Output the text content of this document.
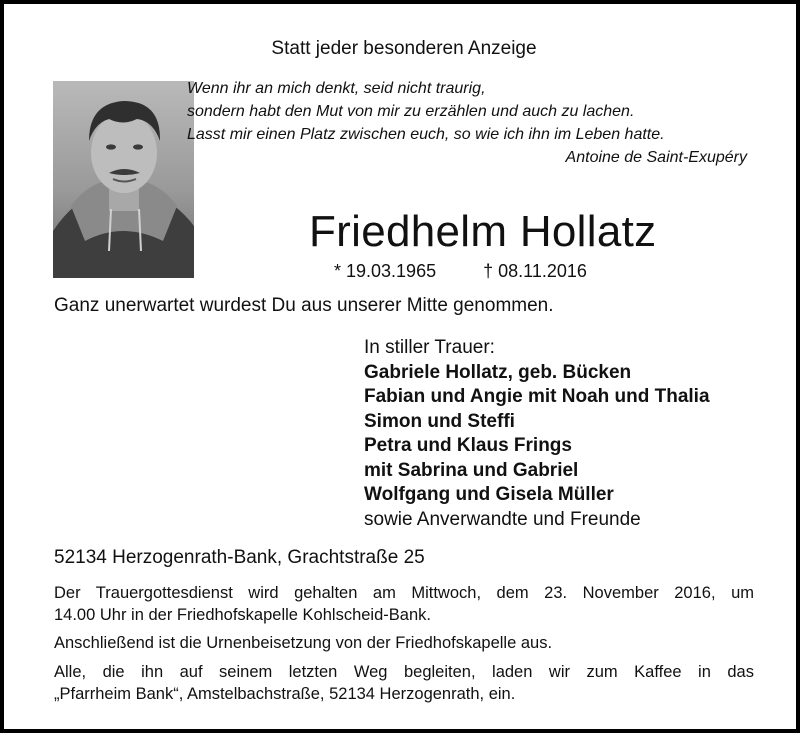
Statt jeder besonderen Anzeige
Wenn ihr an mich denkt, seid nicht traurig,
sondern habt den Mut von mir zu erzählen und auch zu lachen.
Lasst mir einen Platz zwischen euch, so wie ich ihn im Leben hatte.
Antoine de Saint-Exupéry
Friedhelm Hollatz
* 19.03.1965	† 08.11.2016
Ganz unerwartet wurdest Du aus unserer Mitte genommen.
In stiller Trauer:
Gabriele Hollatz, geb. Bücken
Fabian und Angie mit Noah und Thalia
Simon und Steffi
Petra und Klaus Frings
mit Sabrina und Gabriel
Wolfgang und Gisela Müller
sowie Anverwandte und Freunde
52134 Herzogenrath-Bank, Grachtstraße 25
Der Trauergottesdienst wird gehalten am Mittwoch, dem 23. November 2016, um
14.00 Uhr in der Friedhofskapelle Kohlscheid-Bank.
Anschließend ist die Urnenbeisetzung von der Friedhofskapelle aus.
Alle, die ihn auf seinem letzten Weg begleiten, laden wir zum Kaffee in das
„Pfarrheim Bank“, Amstelbachstraße, 52134 Herzogenrath, ein.
